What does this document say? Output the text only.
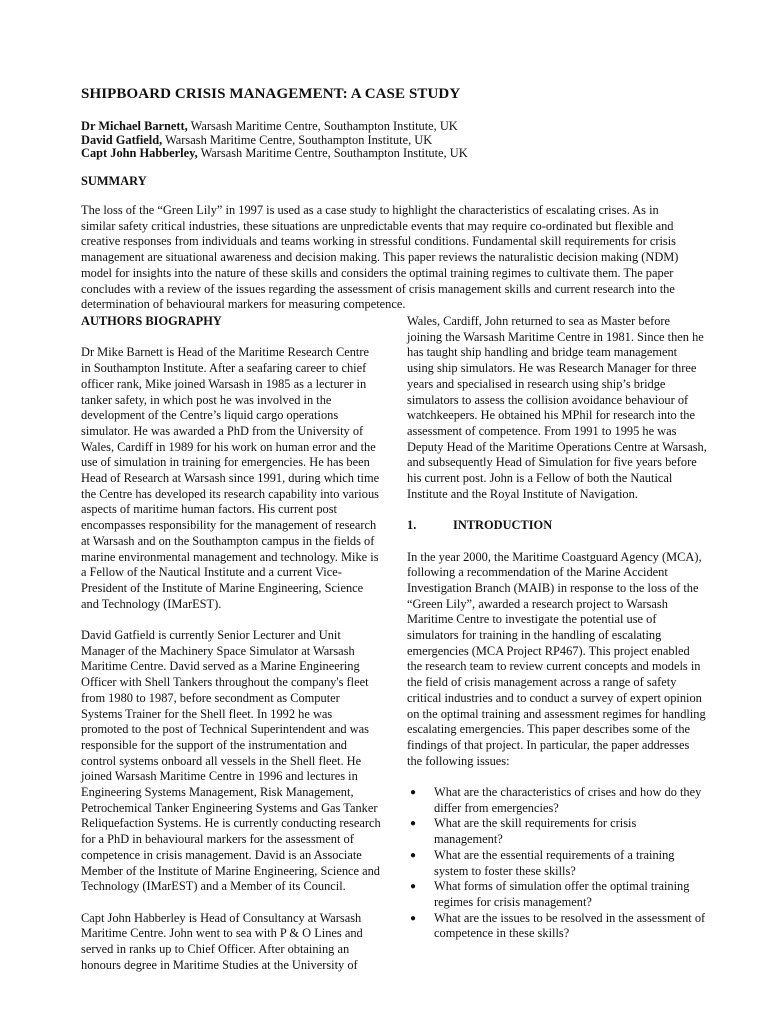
SHIPBOARD CRISIS MANAGEMENT: A CASE STUDY
Dr Michael Barnett, Warsash Maritime Centre, Southampton Institute, UK
David Gatfield, Warsash Maritime Centre, Southampton Institute, UK
Capt John Habberley, Warsash Maritime Centre, Southampton Institute, UK
SUMMARY
The loss of the “Green Lily” in 1997 is used as a case study to highlight the characteristics of escalating crises. As in similar safety critical industries, these situations are unpredictable events that may require co-ordinated but flexible and creative responses from individuals and teams working in stressful conditions. Fundamental skill requirements for crisis management are situational awareness and decision making. This paper reviews the naturalistic decision making (NDM) model for insights into the nature of these skills and considers the optimal training regimes to cultivate them. The paper concludes with a review of the issues regarding the assessment of crisis management skills and current research into the determination of behavioural markers for measuring competence.
AUTHORS BIOGRAPHY
Dr Mike Barnett is Head of the Maritime Research Centre in Southampton Institute. After a seafaring career to chief officer rank, Mike joined Warsash in 1985 as a lecturer in tanker safety, in which post he was involved in the development of the Centre’s liquid cargo operations simulator. He was awarded a PhD from the University of Wales, Cardiff in 1989 for his work on human error and the use of simulation in training for emergencies. He has been Head of Research at Warsash since 1991, during which time the Centre has developed its research capability into various aspects of maritime human factors. His current post encompasses responsibility for the management of research at Warsash and on the Southampton campus in the fields of marine environmental management and technology. Mike is a Fellow of the Nautical Institute and a current Vice-President of the Institute of Marine Engineering, Science and Technology (IMarEST).
David Gatfield is currently Senior Lecturer and Unit Manager of the Machinery Space Simulator at Warsash Maritime Centre. David served as a Marine Engineering Officer with Shell Tankers throughout the company's fleet from 1980 to 1987, before secondment as Computer Systems Trainer for the Shell fleet. In 1992 he was promoted to the post of Technical Superintendent and was responsible for the support of the instrumentation and control systems onboard all vessels in the Shell fleet. He joined Warsash Maritime Centre in 1996 and lectures in Engineering Systems Management, Risk Management, Petrochemical Tanker Engineering Systems and Gas Tanker Reliquefaction Systems. He is currently conducting research for a PhD in behavioural markers for the assessment of competence in crisis management. David is an Associate Member of the Institute of Marine Engineering, Science and Technology (IMarEST) and a Member of its Council.
Capt John Habberley is Head of Consultancy at Warsash Maritime Centre. John went to sea with P & O Lines and served in ranks up to Chief Officer. After obtaining an honours degree in Maritime Studies at the University of
Wales, Cardiff, John returned to sea as Master before joining the Warsash Maritime Centre in 1981. Since then he has taught ship handling and bridge team management using ship simulators. He was Research Manager for three years and specialised in research using ship’s bridge simulators to assess the collision avoidance behaviour of watchkeepers. He obtained his MPhil for research into the assessment of competence. From 1991 to 1995 he was Deputy Head of the Maritime Operations Centre at Warsash, and subsequently Head of Simulation for five years before his current post. John is a Fellow of both the Nautical Institute and the Royal Institute of Navigation.
1.	INTRODUCTION
In the year 2000, the Maritime Coastguard Agency (MCA), following a recommendation of the Marine Accident Investigation Branch (MAIB) in response to the loss of the “Green Lily”, awarded a research project to Warsash Maritime Centre to investigate the potential use of simulators for training in the handling of escalating emergencies (MCA Project RP467). This project enabled the research team to review current concepts and models in the field of crisis management across a range of safety critical industries and to conduct a survey of expert opinion on the optimal training and assessment regimes for handling escalating emergencies. This paper describes some of the findings of that project. In particular, the paper addresses the following issues:
● What are the characteristics of crises and how do they differ from emergencies?
● What are the skill requirements for crisis management?
● What are the essential requirements of a training system to foster these skills?
● What forms of simulation offer the optimal training regimes for crisis management?
● What are the issues to be resolved in the assessment of competence in these skills?
